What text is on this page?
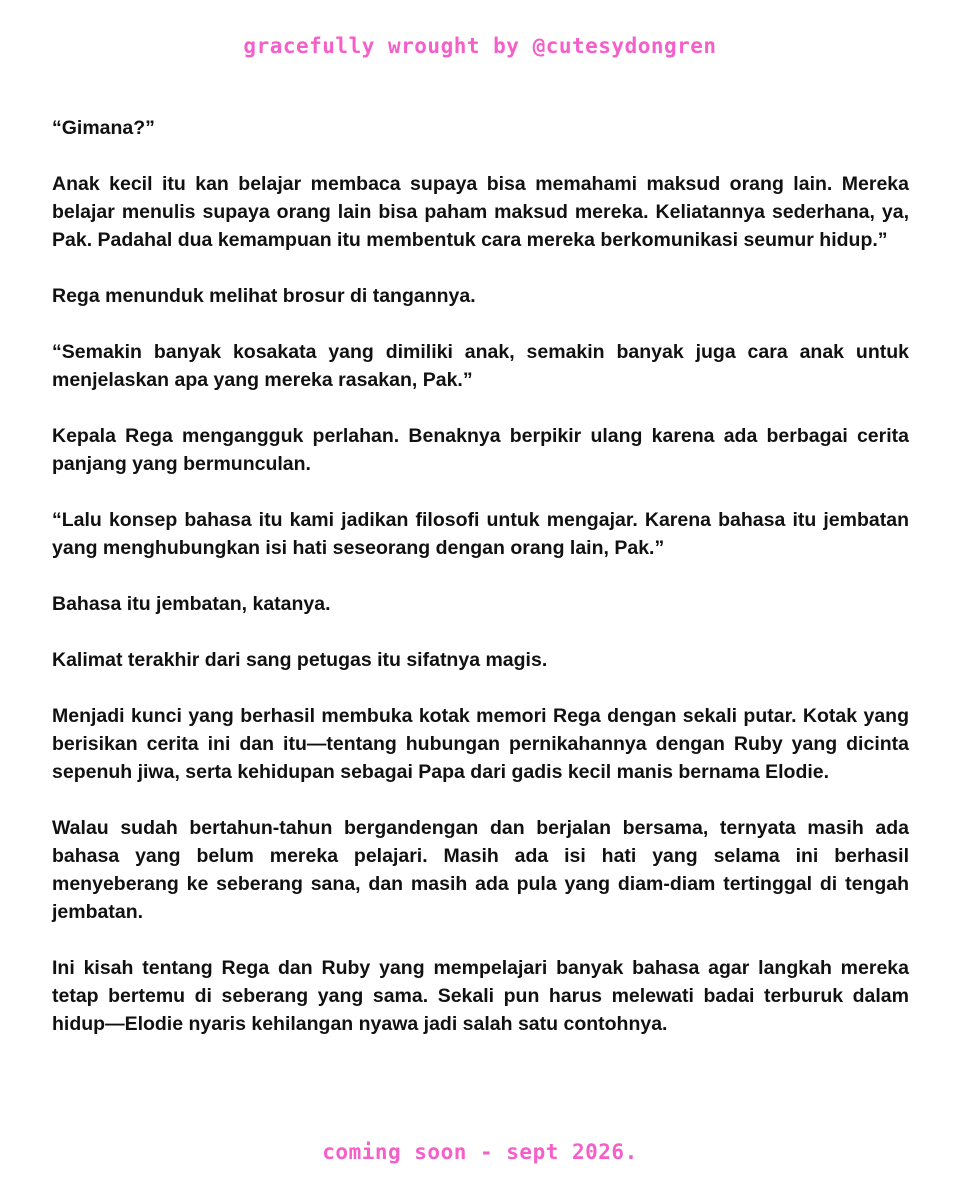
gracefully wrought by @cutesydongren

“Gimana?”

Anak kecil itu kan belajar membaca supaya bisa memahami maksud orang lain. Mereka belajar menulis supaya orang lain bisa paham maksud mereka. Keliatannya sederhana, ya, Pak. Padahal dua kemampuan itu membentuk cara mereka berkomunikasi seumur hidup.”

Rega menunduk melihat brosur di tangannya.

“Semakin banyak kosakata yang dimiliki anak, semakin banyak juga cara anak untuk menjelaskan apa yang mereka rasakan, Pak.”

Kepala Rega mengangguk perlahan. Benaknya berpikir ulang karena ada berbagai cerita panjang yang bermunculan.

“Lalu konsep bahasa itu kami jadikan filosofi untuk mengajar. Karena bahasa itu jembatan yang menghubungkan isi hati seseorang dengan orang lain, Pak.”

Bahasa itu jembatan, katanya.

Kalimat terakhir dari sang petugas itu sifatnya magis.

Menjadi kunci yang berhasil membuka kotak memori Rega dengan sekali putar. Kotak yang berisikan cerita ini dan itu—tentang hubungan pernikahannya dengan Ruby yang dicinta sepenuh jiwa, serta kehidupan sebagai Papa dari gadis kecil manis bernama Elodie.

Walau sudah bertahun-tahun bergandengan dan berjalan bersama, ternyata masih ada bahasa yang belum mereka pelajari. Masih ada isi hati yang selama ini berhasil menyeberang ke seberang sana, dan masih ada pula yang diam-diam tertinggal di tengah jembatan.

Ini kisah tentang Rega dan Ruby yang mempelajari banyak bahasa agar langkah mereka tetap bertemu di seberang yang sama. Sekali pun harus melewati badai terburuk dalam hidup—Elodie nyaris kehilangan nyawa jadi salah satu contohnya.

coming soon - sept 2026.
